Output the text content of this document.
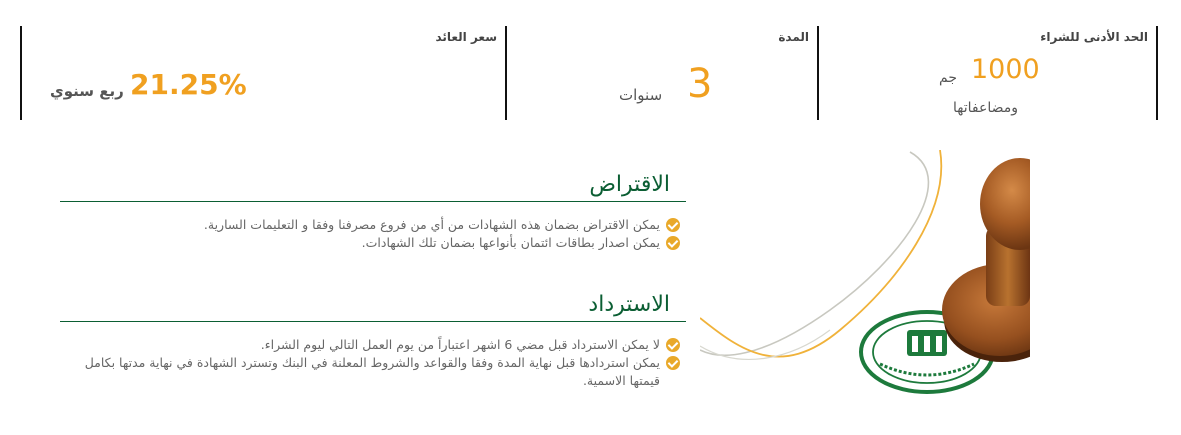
الحد الأدنى للشراء
1000
جم
ومضاعفاتها
المدة
3
سنوات
سعر العائد
21.25%
ربع سنوي
الاقتراض
يمكن الاقتراض بضمان هذه الشهادات من أي من فروع مصرفنا وفقا و التعليمات السارية.
يمكن اصدار بطاقات ائتمان بأنواعها بضمان تلك الشهادات.
الاسترداد
لا يمكن الاسترداد قبل مضي 6 اشهر اعتباراً من يوم العمل التالي ليوم الشراء.
يمكن استردادها قبل نهاية المدة وفقا والقواعد والشروط المعلنة في البنك وتسترد الشهادة في نهاية مدتها بكامل قيمتها الاسمية.
